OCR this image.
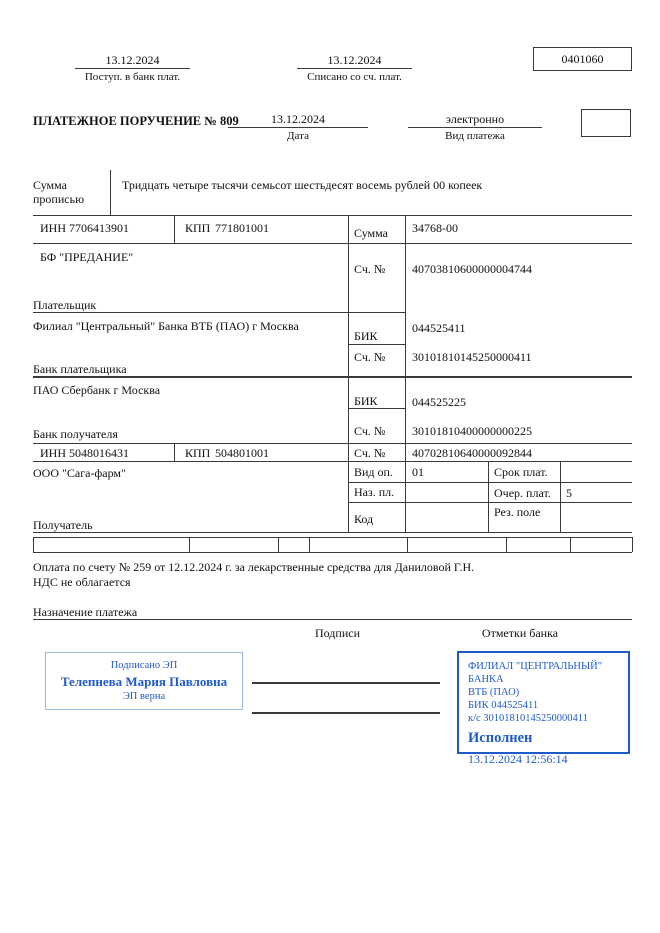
13.12.2024
Поступ. в банк плат.
13.12.2024
Списано со сч. плат.
0401060
ПЛАТЕЖНОЕ ПОРУЧЕНИЕ № 809	13.12.2024
Дата
электронно
Вид платежа
Сумма прописью
Тридцать четыре тысячи семьсот шестьдесят восемь рублей 00 копеек
ИНН 7706413901	КПП 771801001	Сумма 34768-00
БФ "ПРЕДАНИЕ"
Сч. № 40703810600000004744
Плательщик
Филиал "Центральный" Банка ВТБ (ПАО) г Москва	044525411
БИК
Сч. № 30101810145250000411
Банк плательщика
ПАО Сбербанк г Москва
044525225
БИК
Сч. № 30101810400000000225
Банк получателя
ИНН 5048016431	КПП 504801001	Сч. № 40702810640000092844
ООО "Сага-фарм"	Вид оп. 01	Срок плат.
Наз. пл.	Очер. плат. 5
Код	Рез. поле
Получатель
Оплата по счету № 259 от 12.12.2024 г. за лекарственные средства для Даниловой Г.Н.
НДС не облагается
Назначение платежа
Подписи	Отметки банка
Подписано ЭП
Телепнева Мария Павловна
ЭП верна
ФИЛИАЛ "ЦЕНТРАЛЬНЫЙ" БАНКА
ВТБ (ПАО)
БИК 044525411
к/с 30101810145250000411
Исполнен
13.12.2024 12:56:14
